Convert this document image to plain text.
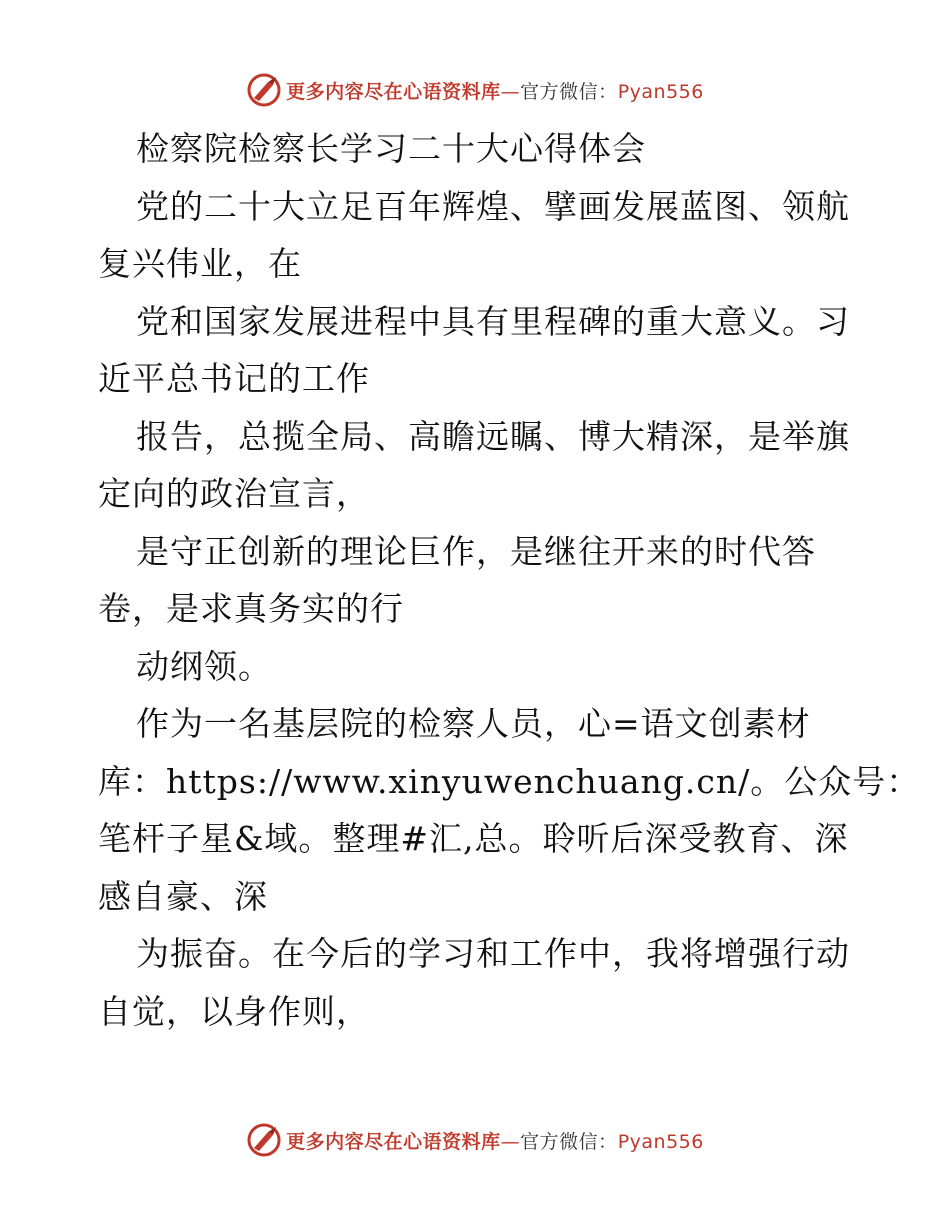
更多内容尽在心语资料库—官方微信：Pyan556
检察院检察长学习二十大心得体会
党的二十大立足百年辉煌、擘画发展蓝图、领航
复兴伟业，在
党和国家发展进程中具有里程碑的重大意义。习
近平总书记的工作
报告，总揽全局、高瞻远瞩、博大精深，是举旗
定向的政治宣言，
是守正创新的理论巨作，是继往开来的时代答
卷，是求真务实的行
动纲领。
作为一名基层院的检察人员，心=语文创素材
库：https://www.xinyuwenchuang.cn/。公众号：
笔杆子星&域。整理#汇,总。聆听后深受教育、深
感自豪、深
为振奋。在今后的学习和工作中，我将增强行动
自觉，以身作则，
更多内容尽在心语资料库—官方微信：Pyan556
